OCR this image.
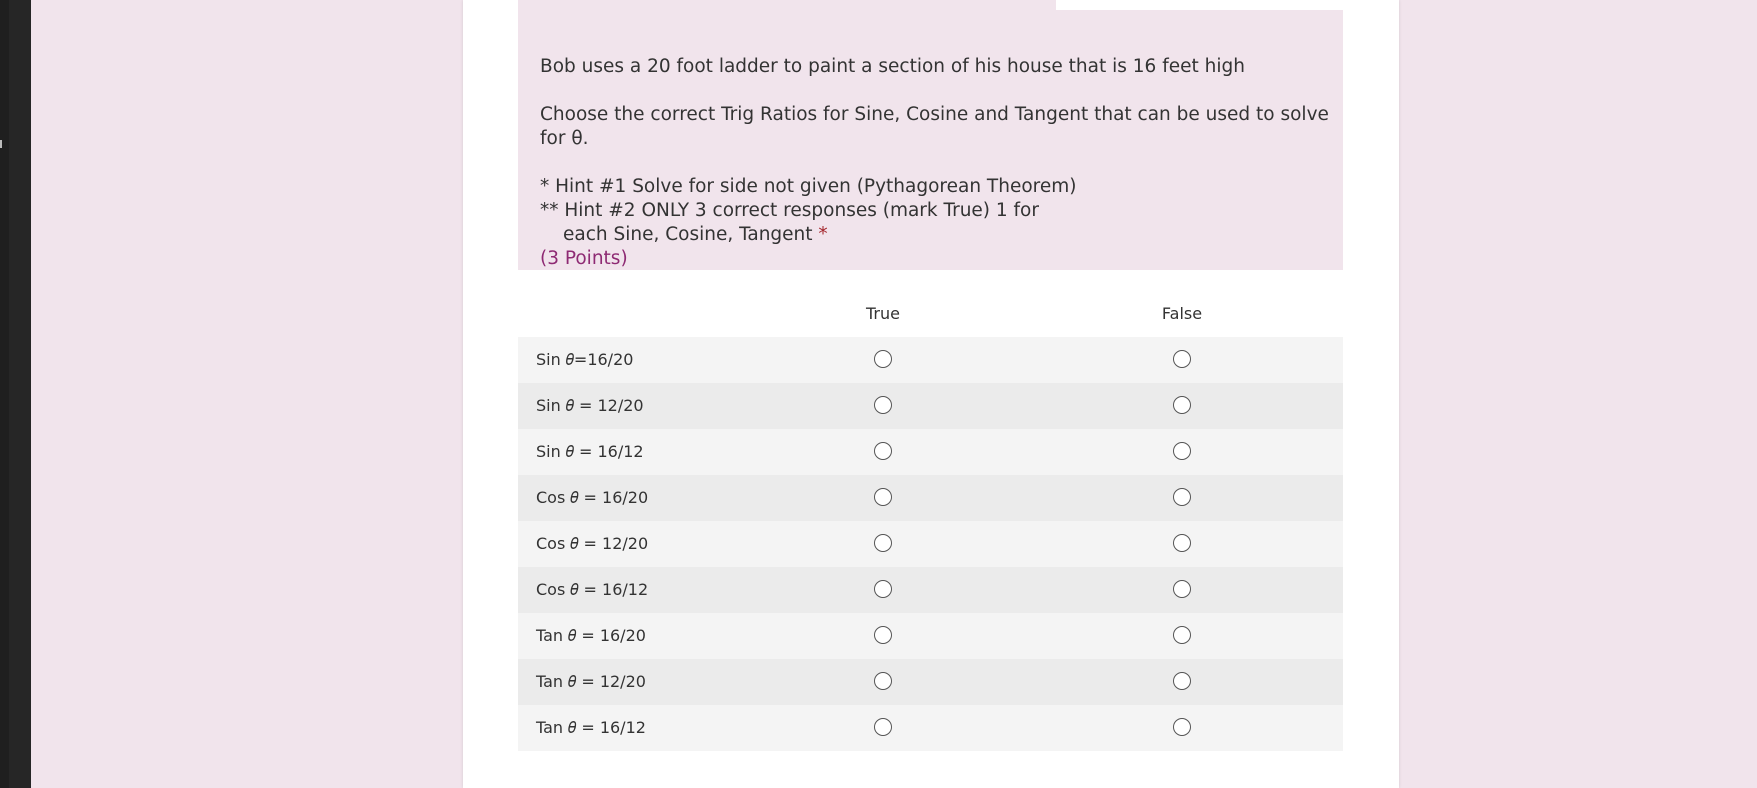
Bob uses a 20 foot ladder to paint a section of his house that is 16 feet high

Choose the correct Trig Ratios for Sine, Cosine and Tangent that can be used to solve for θ.

* Hint #1 Solve for side not given (Pythagorean Theorem)

** Hint #2 ONLY 3 correct responses (mark True) 1 for

each Sine, Cosine, Tangent *

(3 Points)

True	False
Sin 𝜃=16/20
Sin 𝜃 = 12/20
Sin 𝜃 = 16/12
Cos 𝜃 = 16/20
Cos 𝜃 = 12/20
Cos 𝜃 = 16/12
Tan 𝜃 = 16/20
Tan 𝜃 = 12/20
Tan 𝜃 = 16/12
